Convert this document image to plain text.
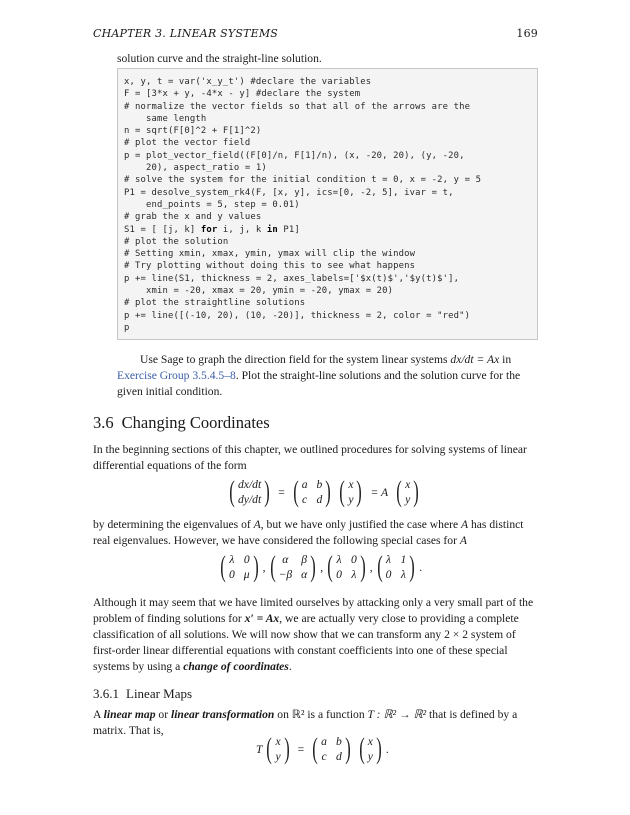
CHAPTER 3. LINEAR SYSTEMS	169
solution curve and the straight-line solution.
x, y, t = var('x_y_t') #declare the variables
F = [3*x + y, -4*x - y] #declare the system
# normalize the vector fields so that all of the arrows are the
same length
n = sqrt(F[0]^2 + F[1]^2)
# plot the vector field
p = plot_vector_field((F[0]/n, F[1]/n), (x, -20, 20), (y, -20,
20), aspect_ratio = 1)
# solve the system for the initial condition t = 0, x = -2, y = 5
P1 = desolve_system_rk4(F, [x, y], ics=[0, -2, 5], ivar = t,
end_points = 5, step = 0.01)
# grab the x and y values
S1 = [ [j, k] for i, j, k in P1]
# plot the solution
# Setting xmin, xmax, ymin, ymax will clip the window
# Try plotting without doing this to see what happens
p += line(S1, thickness = 2, axes_labels=['$x(t)$','$y(t)$'],
xmin = -20, xmax = 20, ymin = -20, ymax = 20)
# plot the straightline solutions
p += line([(-10, 20), (10, -20)], thickness = 2, color = "red")
p
Use Sage to graph the direction field for the system linear systems dx/dt = Ax in Exercise Group 3.5.4.5–8. Plot the straight-line solutions and the solution curve for the given initial condition.
3.6 Changing Coordinates
In the beginning sections of this chapter, we outlined procedures for solving systems of linear differential equations of the form
( dx/dt
dy/dt ) = ( a b
c d ) ( x
y ) = A ( x
y )
by determining the eigenvalues of A, but we have only justified the case where A has distinct real eigenvalues. However, we have considered the following special cases for A
( λ 0
0 μ ) , ( α	β
−β α ) , ( λ 0
0 λ ) , ( λ 1
0 λ ) .
Although it may seem that we have limited ourselves by attacking only a very small part of the problem of finding solutions for x′ = Ax, we are actually very close to providing a complete classification of all solutions. We will now show that we can transform any 2 × 2 system of first-order linear differential equations with constant coefficients into one of these special systems by using a change of coordinates.
3.6.1 Linear Maps
A linear map or linear transformation on ℝ² is a function T : ℝ² → ℝ² that is defined by a matrix. That is,
T ( x
y ) = ( a b
c d ) ( x
y ) .
